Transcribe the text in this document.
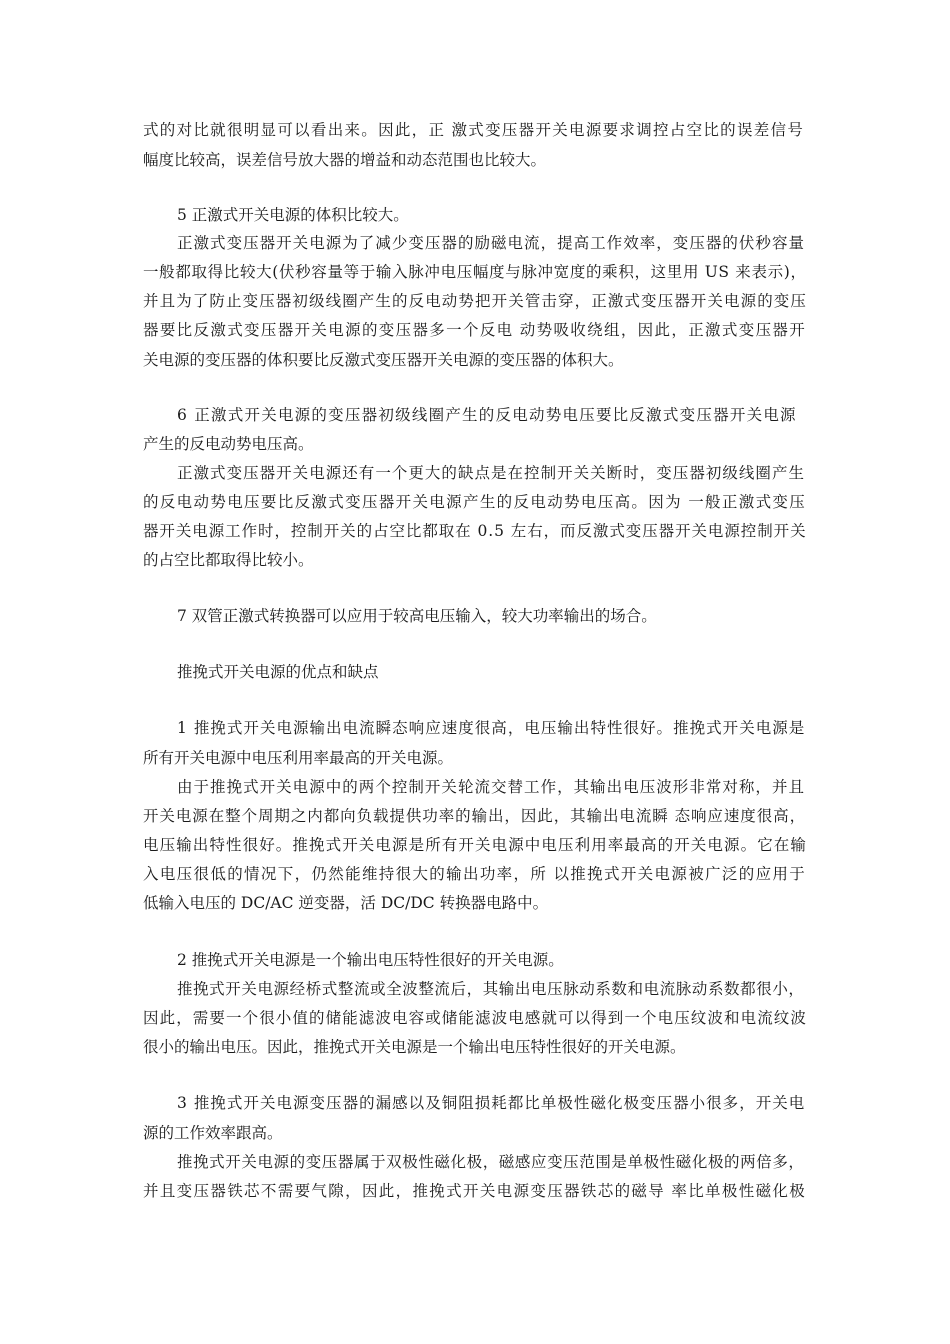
式的对比就很明显可以看出来。因此，正 激式变压器开关电源要求调控占空比的误差信号
幅度比较高，误差信号放大器的增益和动态范围也比较大。
5 正激式开关电源的体积比较大。
正激式变压器开关电源为了减少变压器的励磁电流，提高工作效率，变压器的伏秒容量
一般都取得比较大(伏秒容量等于输入脉冲电压幅度与脉冲宽度的乘积，这里用 US 来表示)，
并且为了防止变压器初级线圈产生的反电动势把开关管击穿，正激式变压器开关电源的变压
器要比反激式变压器开关电源的变压器多一个反电 动势吸收绕组，因此，正激式变压器开
关电源的变压器的体积要比反激式变压器开关电源的变压器的体积大。
6 正激式开关电源的变压器初级线圈产生的反电动势电压要比反激式变压器开关电源
产生的反电动势电压高。
正激式变压器开关电源还有一个更大的缺点是在控制开关关断时，变压器初级线圈产生
的反电动势电压要比反激式变压器开关电源产生的反电动势电压高。因为 一般正激式变压
器开关电源工作时，控制开关的占空比都取在 0.5 左右，而反激式变压器开关电源控制开关
的占空比都取得比较小。
7 双管正激式转换器可以应用于较高电压输入，较大功率输出的场合。
推挽式开关电源的优点和缺点
1 推挽式开关电源输出电流瞬态响应速度很高，电压输出特性很好。推挽式开关电源是
所有开关电源中电压利用率最高的开关电源。
由于推挽式开关电源中的两个控制开关轮流交替工作，其输出电压波形非常对称，并且
开关电源在整个周期之内都向负载提供功率的输出，因此，其输出电流瞬 态响应速度很高，
电压输出特性很好。推挽式开关电源是所有开关电源中电压利用率最高的开关电源。它在输
入电压很低的情况下，仍然能维持很大的输出功率，所 以推挽式开关电源被广泛的应用于
低输入电压的 DC/AC 逆变器，活 DC/DC 转换器电路中。
2 推挽式开关电源是一个输出电压特性很好的开关电源。
推挽式开关电源经桥式整流或全波整流后，其输出电压脉动系数和电流脉动系数都很小，
因此，需要一个很小值的储能滤波电容或储能滤波电感就可以得到一个电压纹波和电流纹波
很小的输出电压。因此，推挽式开关电源是一个输出电压特性很好的开关电源。
3 推挽式开关电源变压器的漏感以及铜阻损耗都比单极性磁化极变压器小很多，开关电
源的工作效率跟高。
推挽式开关电源的变压器属于双极性磁化极，磁感应变压范围是单极性磁化极的两倍多，
并且变压器铁芯不需要气隙，因此，推挽式开关电源变压器铁芯的磁导 率比单极性磁化极
